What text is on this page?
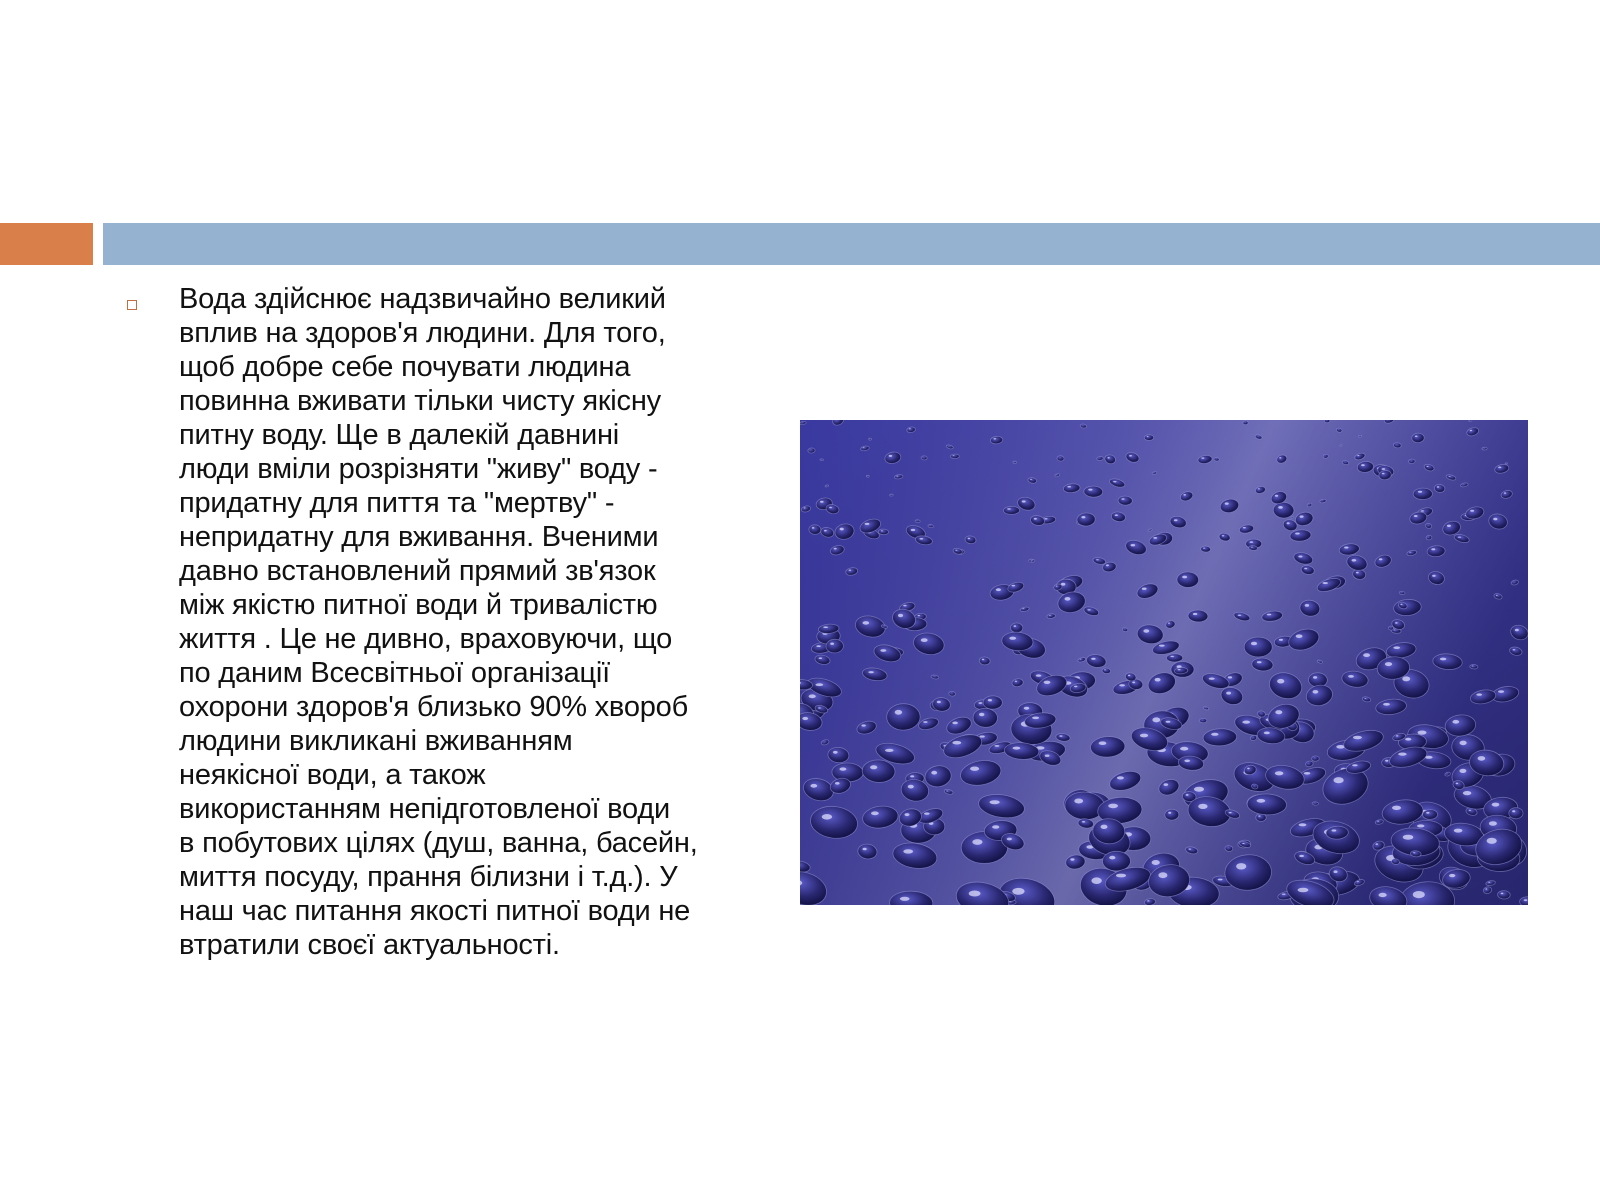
Вода здійснює надзвичайно великий
вплив на здоров'я людини. Для того,
щоб добре себе почувати людина
повинна вживати тільки чисту якісну
питну воду. Ще в далекій давнині
люди вміли розрізняти "живу" воду -
придатну для пиття та "мертву" -
непридатну для вживання. Вченими
давно встановлений прямий зв'язок
між якістю питної води й тривалістю
життя . Це не дивно, враховуючи, що
по даним Всесвітньої організації
охорони здоров'я близько 90% хвороб
людини викликані вживанням
неякісної води, а також
використанням непідготовленої води
в побутових цілях (душ, ванна, басейн,
миття посуду, прання білизни і т.д.). У
наш час питання якості питної води не
втратили своєї актуальності.
